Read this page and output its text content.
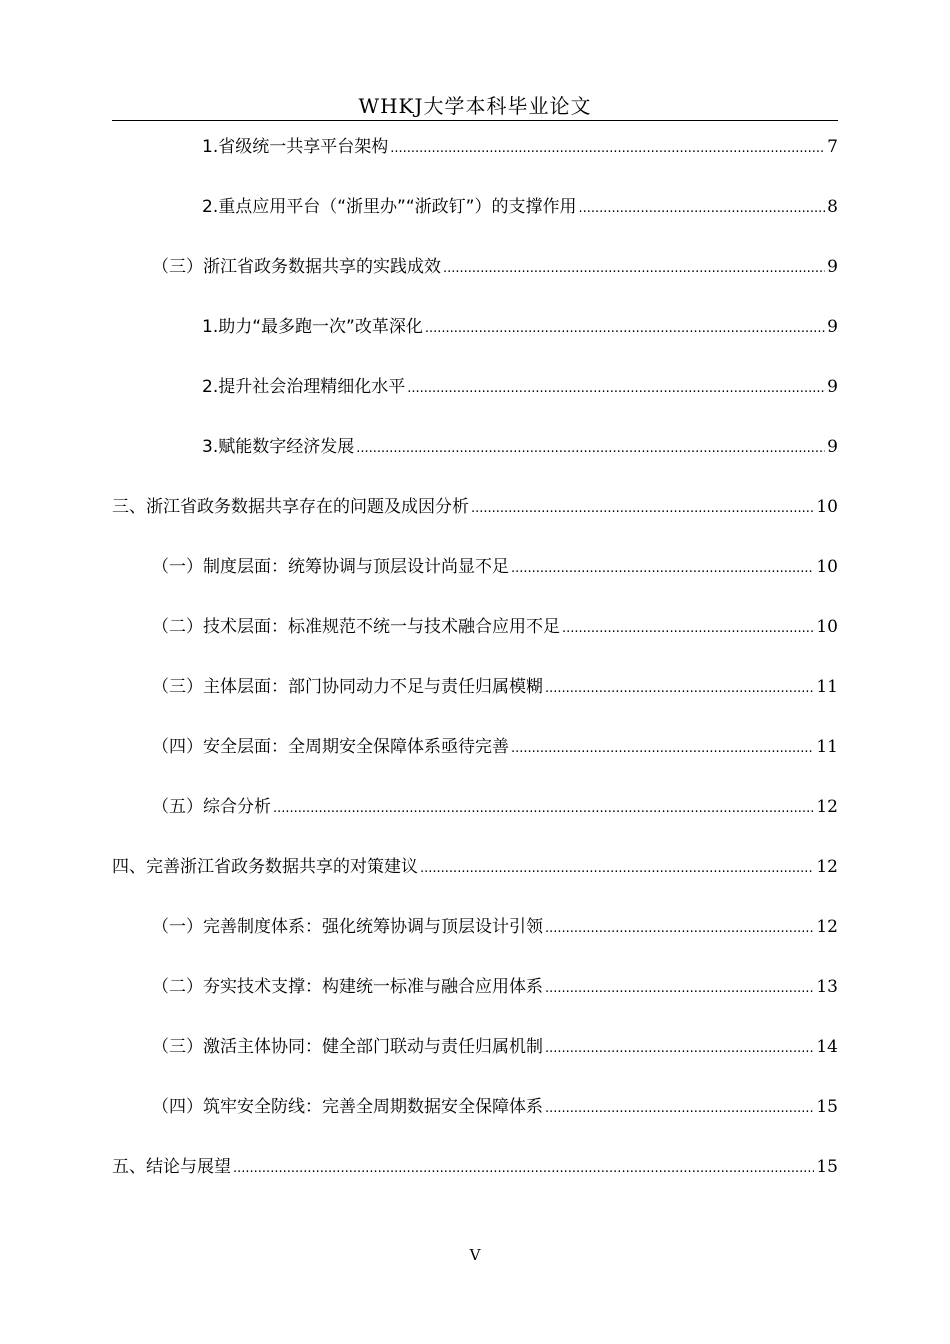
WHKJ大学本科毕业论文
1.省级统一共享平台架构 .....	7
2.重点应用平台（“浙里办”“浙政钉”）的支撑作用 .....	8
（三）浙江省政务数据共享的实践成效 .....	9
1.助力“最多跑一次”改革深化 .....	9
2.提升社会治理精细化水平 .....	9
3.赋能数字经济发展 .....	9
三、浙江省政务数据共享存在的问题及成因分析 .....	10
（一）制度层面：统筹协调与顶层设计尚显不足 .....	10
（二）技术层面：标准规范不统一与技术融合应用不足 .....	10
（三）主体层面：部门协同动力不足与责任归属模糊 .....	11
（四）安全层面：全周期安全保障体系亟待完善 .....	11
（五）综合分析 .....	12
四、完善浙江省政务数据共享的对策建议 .....	12
（一）完善制度体系：强化统筹协调与顶层设计引领 .....	12
（二）夯实技术支撑：构建统一标准与融合应用体系 .....	13
（三）激活主体协同：健全部门联动与责任归属机制 .....	14
（四）筑牢安全防线：完善全周期数据安全保障体系 .....	15
五、结论与展望 .....	15
V
